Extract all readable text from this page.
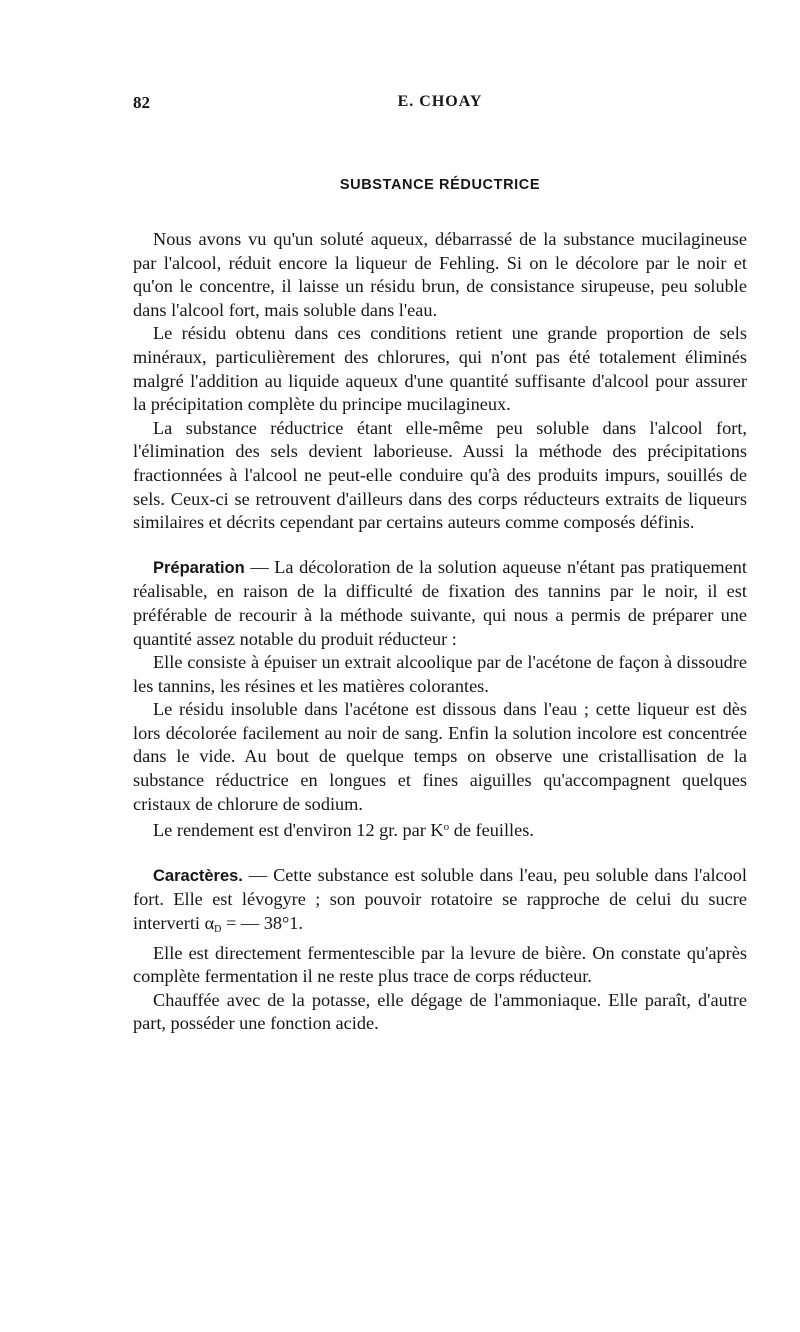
82	E. CHOAY
SUBSTANCE RÉDUCTRICE

Nous avons vu qu'un soluté aqueux, débarrassé de la substance mucilagineuse par l'alcool, réduit encore la liqueur de Fehling. Si on le décolore par le noir et qu'on le concentre, il laisse un résidu brun, de consistance sirupeuse, peu soluble dans l'alcool fort, mais soluble dans l'eau.

Le résidu obtenu dans ces conditions retient une grande proportion de sels minéraux, particulièrement des chlorures, qui n'ont pas été totalement éliminés malgré l'addition au liquide aqueux d'une quantité suffisante d'alcool pour assurer la précipitation complète du principe mucilagineux.

La substance réductrice étant elle-même peu soluble dans l'alcool fort, l'élimination des sels devient laborieuse. Aussi la méthode des précipitations fractionnées à l'alcool ne peut-elle conduire qu'à des produits impurs, souillés de sels. Ceux-ci se retrouvent d'ailleurs dans des corps réducteurs extraits de liqueurs similaires et décrits cependant par certains auteurs comme composés définis.

Préparation — La décoloration de la solution aqueuse n'étant pas pratiquement réalisable, en raison de la difficulté de fixation des tannins par le noir, il est préférable de recourir à la méthode suivante, qui nous a permis de préparer une quantité assez notable du produit réducteur :

Elle consiste à épuiser un extrait alcoolique par de l'acétone de façon à dissoudre les tannins, les résines et les matières colorantes.

Le résidu insoluble dans l'acétone est dissous dans l'eau ; cette liqueur est dès lors décolorée facilement au noir de sang. Enfin la solution incolore est concentrée dans le vide. Au bout de quelque temps on observe une cristallisation de la substance réductrice en longues et fines aiguilles qu'accompagnent quelques cristaux de chlorure de sodium.

Le rendement est d'environ 12 gr. par $K^o$ de feuilles.

Caractères. — Cette substance est soluble dans l'eau, peu soluble dans l'alcool fort. Elle est lévogyre ; son pouvoir rotatoire se rapproche de celui du sucre interverti $\alpha_D$ = — 38°1.

Elle est directement fermentescible par la levure de bière. On constate qu'après complète fermentation il ne reste plus trace de corps réducteur.

Chauffée avec de la potasse, elle dégage de l'ammoniaque. Elle paraît, d'autre part, posséder une fonction acide.
